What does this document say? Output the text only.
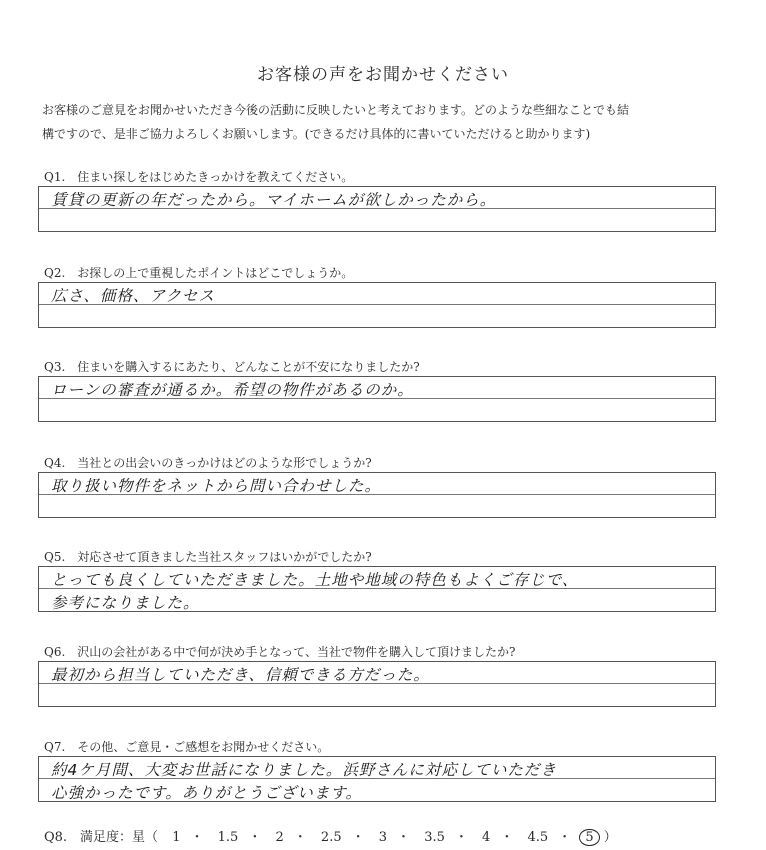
お客様の声をお聞かせください
お客様のご意見をお聞かせいただき今後の活動に反映したいと考えております。どのような些細なことでも結
構ですので、是非ご協力よろしくお願いします。(できるだけ具体的に書いていただけると助かります)
Q1.　住まい探しをはじめたきっかけを教えてください。
賃貸の更新の年だったから。マイホームが欲しかったから。
Q2.　お探しの上で重視したポイントはどこでしょうか。
広さ、価格、アクセス
Q3.　住まいを購入するにあたり、どんなことが不安になりましたか?
ローンの審査が通るか。希望の物件があるのか。
Q4.　当社との出会いのきっかけはどのような形でしょうか?
取り扱い物件をネットから問い合わせした。
Q5.　対応させて頂きました当社スタッフはいかがでしたか?
とっても良くしていただきました。土地や地域の特色もよくご存じで、
参考になりました。
Q6.　沢山の会社がある中で何が決め手となって、当社で物件を購入して頂けましたか?
最初から担当していただき、信頼できる方だった。
Q7.　その他、ご意見・ご感想をお聞かせください。
約4ケ月間、大変お世話になりました。浜野さんに対応していただき
心強かったです。ありがとうございます。
Q8.　満足度：星（ 1 ・ 1.5 ・ 2 ・ 2.5 ・ 3 ・ 3.5 ・ 4 ・ 4.5 ・ 5 ）
